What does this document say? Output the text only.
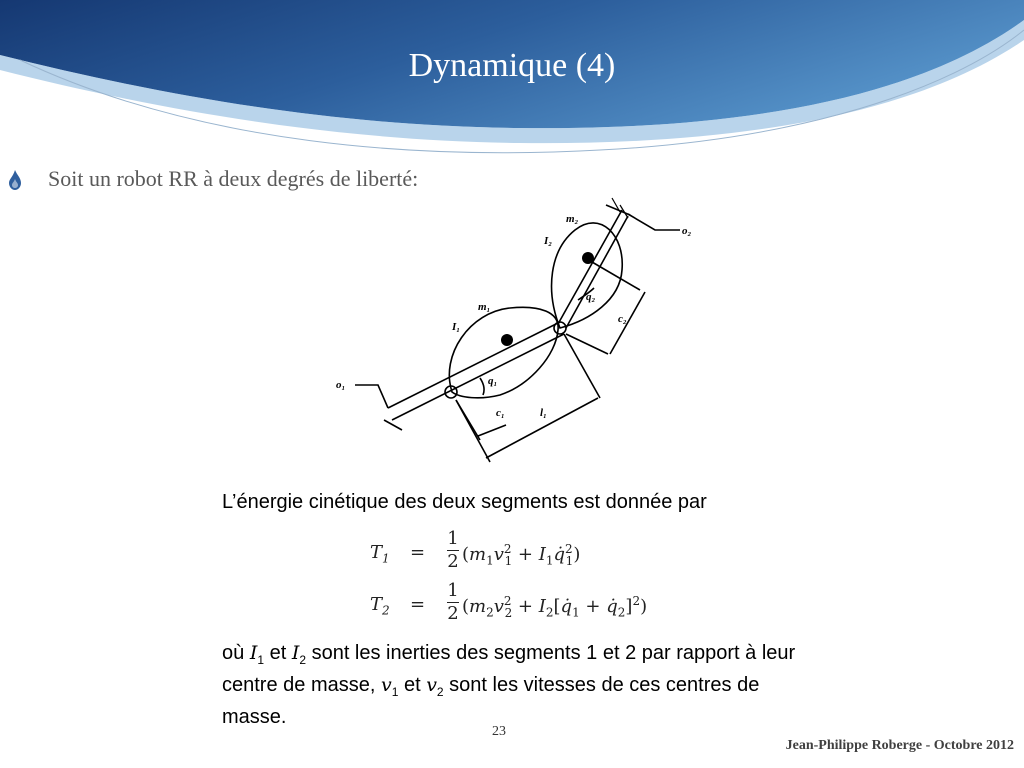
Dynamique (4)
Soit un robot RR à deux degrés de liberté:
m₂
I₂
o₂
q₂
c₂
m₁
I₁
q₁
o₁
c₁	l₁
L’énergie cinétique des deux segments est donnée par
$T_1$ =
1
2 ($m_1v^2_1$ + $I_1q̇^2_1$)
$T_2$ =
1
2 ($m_2v^2_2$ + $I_2[q̇_1$ + $q̇_2]^2$)
où $I_1$ et $I_2$ sont les inerties des segments 1 et 2 par rapport à leur centre de masse, $v_1$ et $v_2$ sont les vitesses de ces centres de masse.
23
Jean-Philippe Roberge - Octobre 2012
